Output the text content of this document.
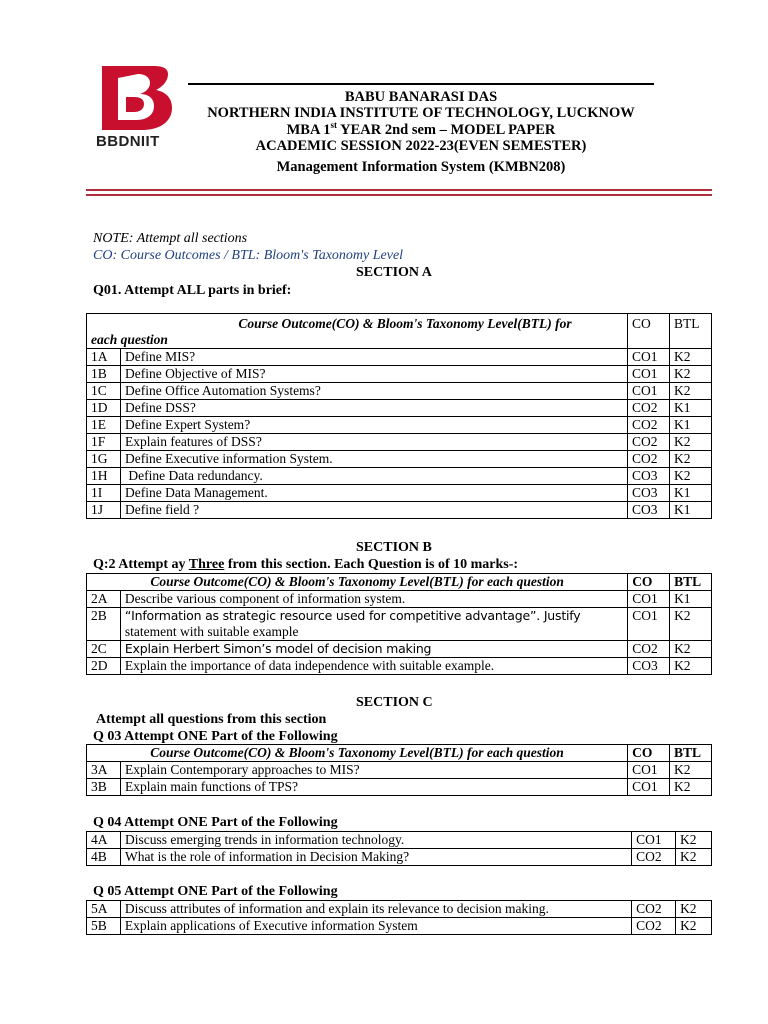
BBDNIIT
BABU BANARASI DAS
NORTHERN INDIA INSTITUTE OF TECHNOLOGY, LUCKNOW
MBA 1st YEAR 2nd sem – MODEL PAPER
ACADEMIC SESSION 2022-23(EVEN SEMESTER)
Management Information System (KMBN208)
NOTE: Attempt all sections
CO: Course Outcomes / BTL: Bloom's Taxonomy Level
SECTION A
Q01. Attempt ALL parts in brief:
Course Outcome(CO) & Bloom's Taxonomy Level(BTL) for
each question		CO	BTL
1A	Define MIS?	CO1	K2
1B	Define Objective of MIS?	CO1	K2
1C	Define Office Automation Systems?	CO1	K2
1D	Define DSS?	CO2	K1
1E	Define Expert System?	CO2	K1
1F	Explain features of DSS?	CO2	K2
1G	Define Executive information System.	CO2	K2
1H	Define Data redundancy.	CO3	K2
1I	Define Data Management.	CO3	K1
1J	Define field ?	CO3	K1
SECTION B
Q:2 Attempt ay Three from this section. Each Question is of 10 marks-:
Course Outcome(CO) & Bloom's Taxonomy Level(BTL) for each question		CO	BTL
2A	Describe various component of information system.	CO1	K1
2B	“Information as strategic resource used for competitive advantage”. Justify
statement with suitable example	CO1	K2
2C	Explain Herbert Simon’s model of decision making	CO2	K2
2D	Explain the importance of data independence with suitable example.	CO3	K2
SECTION C
Attempt all questions from this section
Q 03 Attempt ONE Part of the Following
Course Outcome(CO) & Bloom's Taxonomy Level(BTL) for each question		CO	BTL
3A	Explain Contemporary approaches to MIS?	CO1	K2
3B	Explain main functions of TPS?	CO1	K2
Q 04 Attempt ONE Part of the Following
4A	Discuss emerging trends in information technology.	CO1	K2
4B	What is the role of information in Decision Making?	CO2	K2
Q 05 Attempt ONE Part of the Following
5A	Discuss attributes of information and explain its relevance to decision making.	CO2	K2
5B	Explain applications of Executive information System	CO2	K2
